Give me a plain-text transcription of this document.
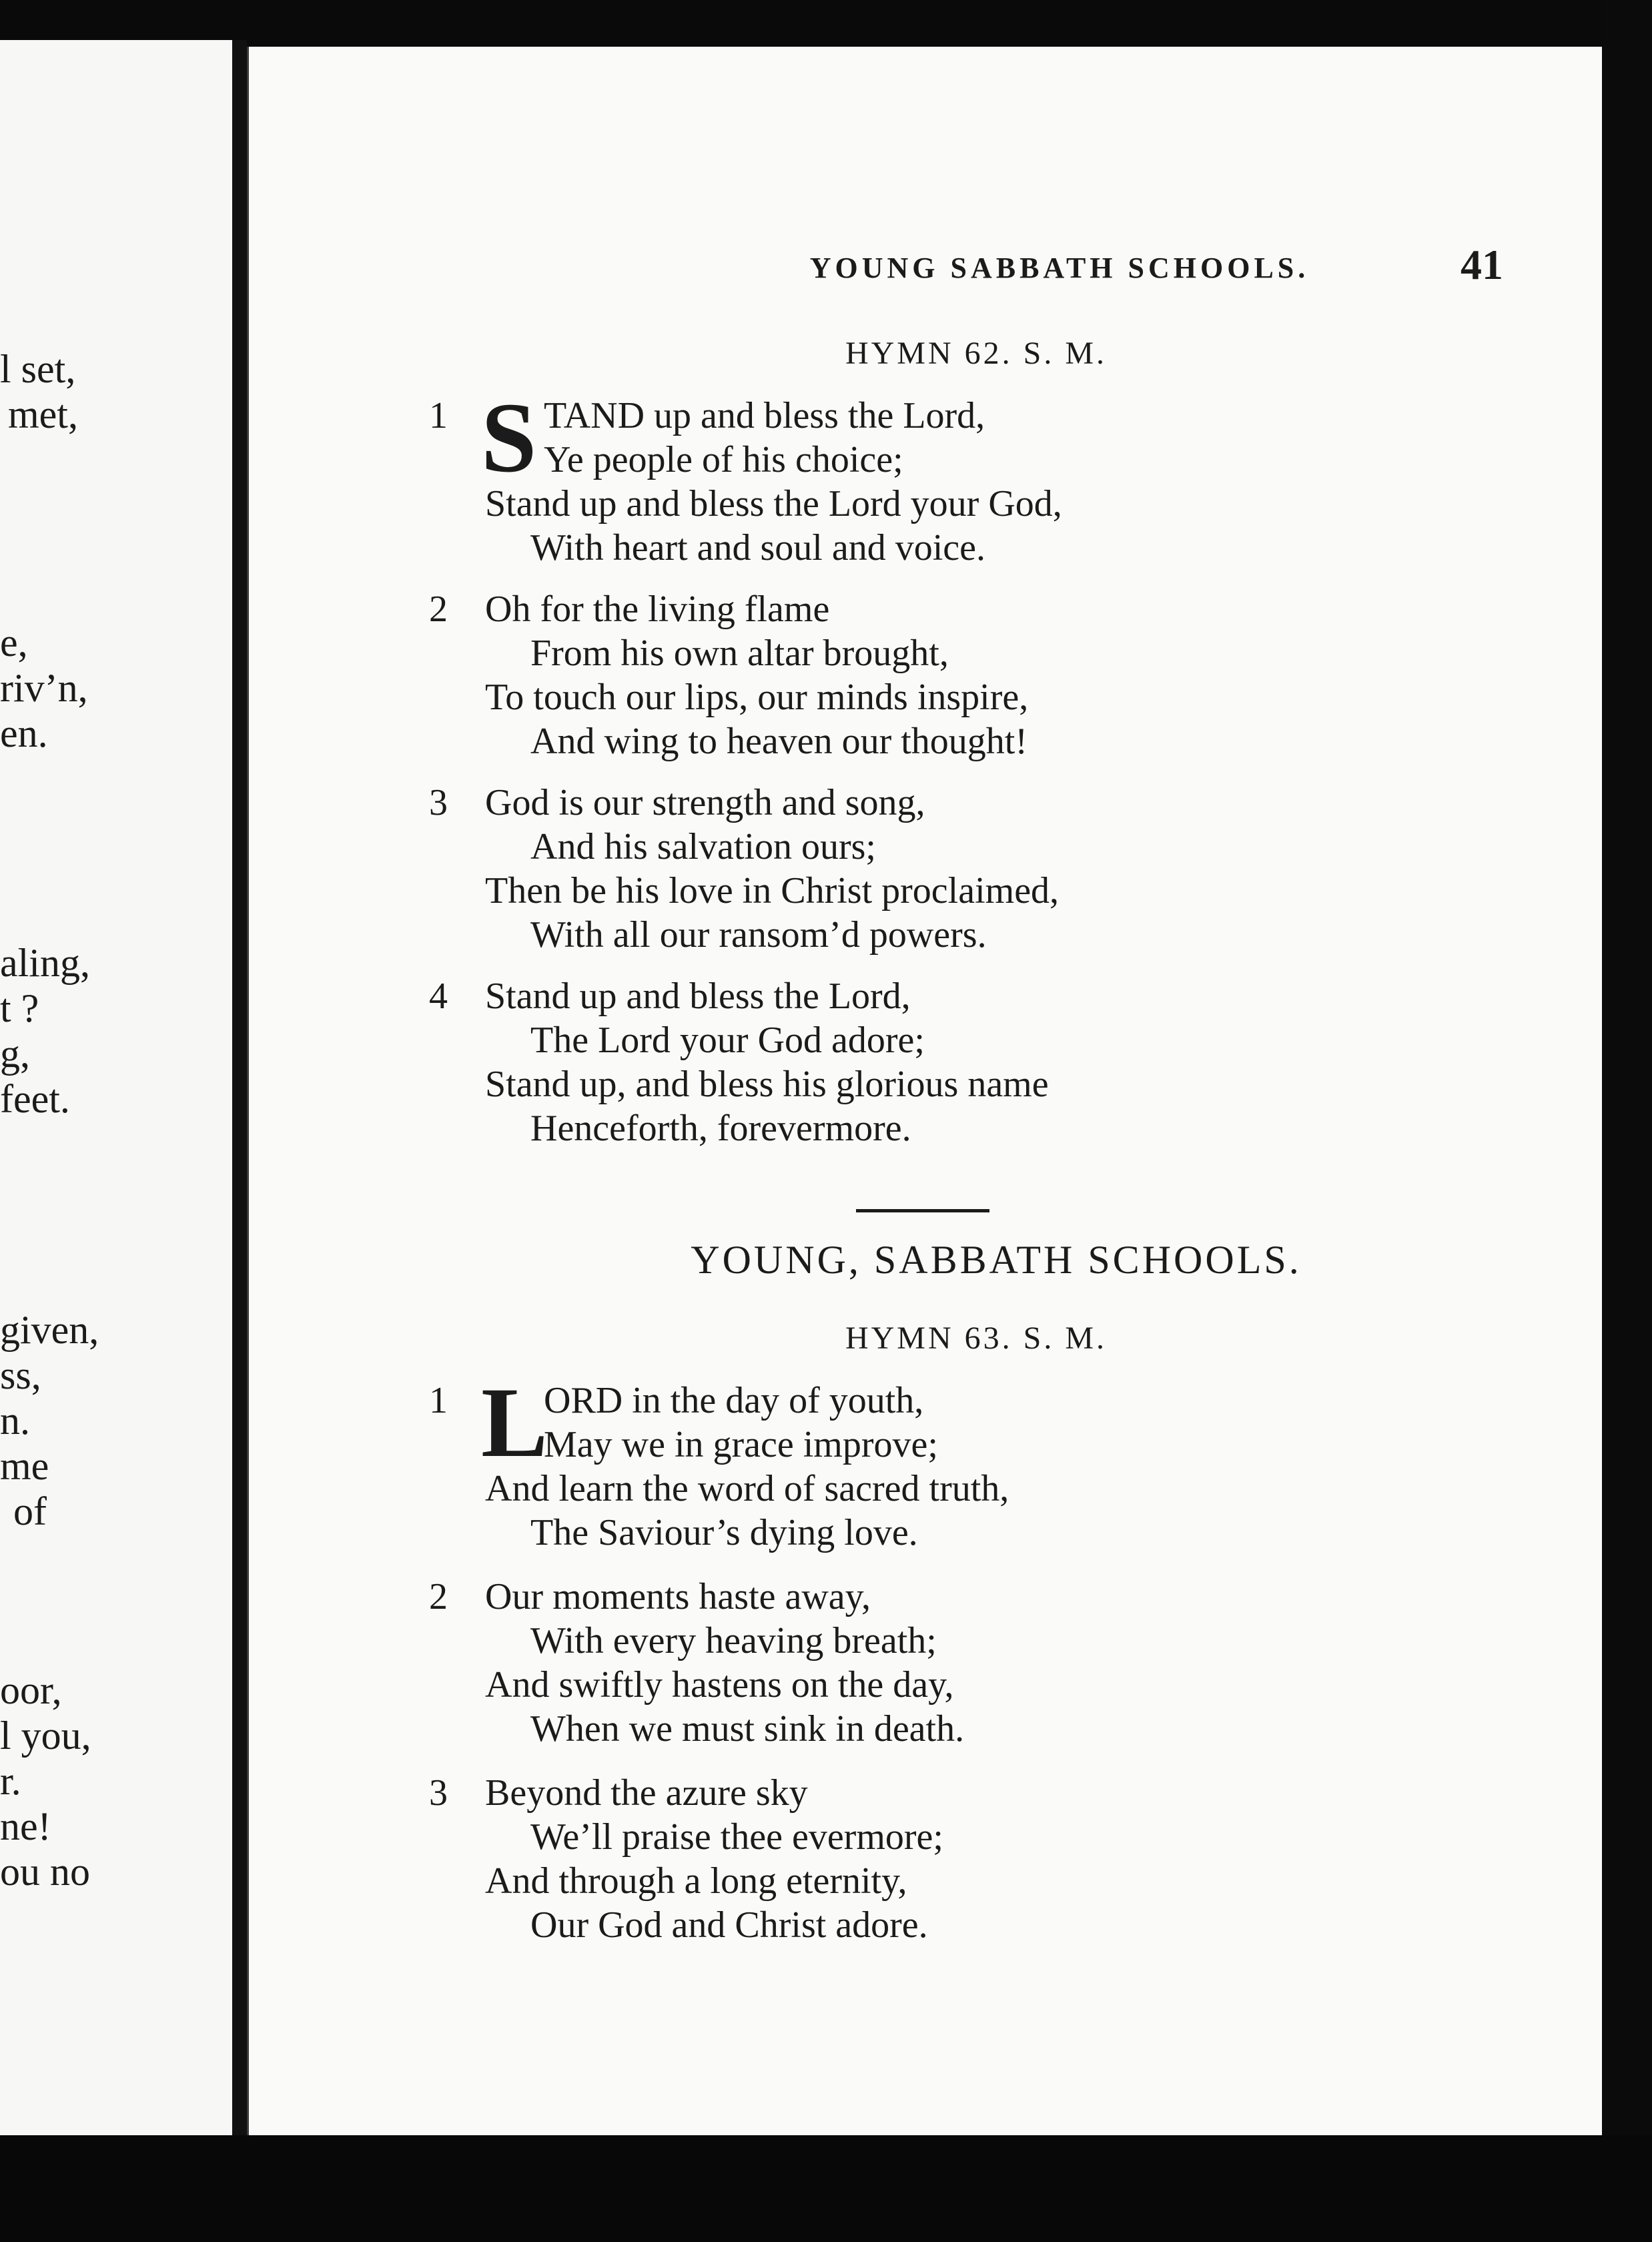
l set,
met,
e,
riv’n,
en.
aling,
t ?
g,
feet.
given,
ss,
n.
me
of
oor,
l you,
r.
ne!
ou no
YOUNG SABBATH SCHOOLS.	41
HYMN 62. S. M.
1 S TAND up and bless the Lord,
Ye people of his choice;
Stand up and bless the Lord your God,
With heart and soul and voice.
2	Oh for the living flame
From his own altar brought,
To touch our lips, our minds inspire,
And wing to heaven our thought!
3	God is our strength and song,
And his salvation ours;
Then be his love in Christ proclaimed,
With all our ransom’d powers.
4	Stand up and bless the Lord,
The Lord your God adore;
Stand up, and bless his glorious name
Henceforth, forevermore.
YOUNG, SABBATH SCHOOLS.
HYMN 63. S. M.
1 L
ORD in the day of youth,
May we in grace improve;
And learn the word of sacred truth,
The Saviour’s dying love.
2	Our moments haste away,
With every heaving breath;
And swiftly hastens on the day,
When we must sink in death.
3	Beyond the azure sky
We’ll praise thee evermore;
And through a long eternity,
Our God and Christ adore.
